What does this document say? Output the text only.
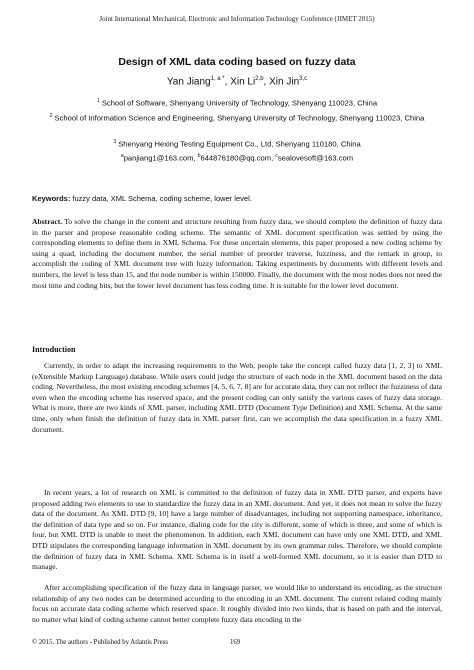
Joint International Mechanical, Electronic and Information Technology Conference (JIMET 2015)
Design of XML data coding based on fuzzy data
Yan Jiang$^{1, a *}$, Xin Li$^{2,b}$, Xin Jin$^{3,c}$
$^1$ School of Software, Shenyang University of Technology, Shenyang 110023, China
$^2$ School of Information Science and Engineering, Shenyang University of Technology, Shenyang 110023, China
$^3$ Shenyang Hexing Testing Equipment Co., Ltd, Shenyang 110180, China
$^a$panjiang1@163.com, $^b$644876180@qq.com, $^c$sealovesoft@163.com
Keywords: fuzzy data, XML Schema, coding scheme, lower level.

Abstract. To solve the change in the content and structure resulting from fuzzy data, we should complete the definition of fuzzy data in the parser and propose reasonable coding scheme. The semantic of XML document specification was settled by using the corresponding elements to define them in XML Schema. For these uncertain elements, this paper proposed a new coding scheme by using a quad, including the document number, the serial number of preorder traverse, fuzziness, and the remark in group, to accomplish the coding of XML document tree with fuzzy information. Taking experiments by documents with different levels and numbers, the level is less than 15, and the node number is within 150000. Finally, the document with the most nodes does not need the most time and coding bits, but the lower level document has less coding time. It is suitable for the lower level document.

Introduction

Currently, in order to adapt the increasing requirements to the Web, people take the concept called fuzzy data [1, 2, 3] to XML (eXtensible Markup Language) database. While users could judge the structure of each node in the XML document based on the data coding. Nevertheless, the most existing encoding schemes [4, 5, 6, 7, 8] are for accurate data, they can not reflect the fuzziness of data even when the encoding scheme has reserved space, and the present coding can only satisfy the various cases of fuzzy data storage. What is more, there are two kinds of XML parser, including XML DTD (Document Type Definition) and XML Schema. At the same time, only when finish the definition of fuzzy data in XML parser first, can we accomplish the data specification in a fuzzy XML document.

In recent years, a lot of research on XML is committed to the definition of fuzzy data in XML DTD parser, and experts have proposed adding two elements to use to standardize the fuzzy data in an XML document. And yet, it does not mean to solve the fuzzy data of the document. As XML DTD [9, 10] have a large number of disadvantages, including not supporting namespace, inheritance, the definition of data type and so on. For instance, dialing code for the city is different, some of which is three, and some of which is four, but XML DTD is unable to meet the phenomenon. In addition, each XML document can have only one XML DTD, and XML DTD stipulates the corresponding language information in XML document by its own grammar rules. Therefore, we should complete the definition of fuzzy data in XML Schema. XML Schema is in itself a well-formed XML document, so it is easier than DTD to manage.

After accomplishing specification of the fuzzy data in language parser, we would like to understand its encoding, as the structure relationship of any two nodes can be determined according to the encoding in an XML document. The current related coding mainly focus on accurate data coding scheme which reserved space. It roughly divided into two kinds, that is based on path and the interval, no matter what kind of coding scheme cannot better complete fuzzy data encoding in the

© 2015. The authors - Published by Atlantis Press	169
